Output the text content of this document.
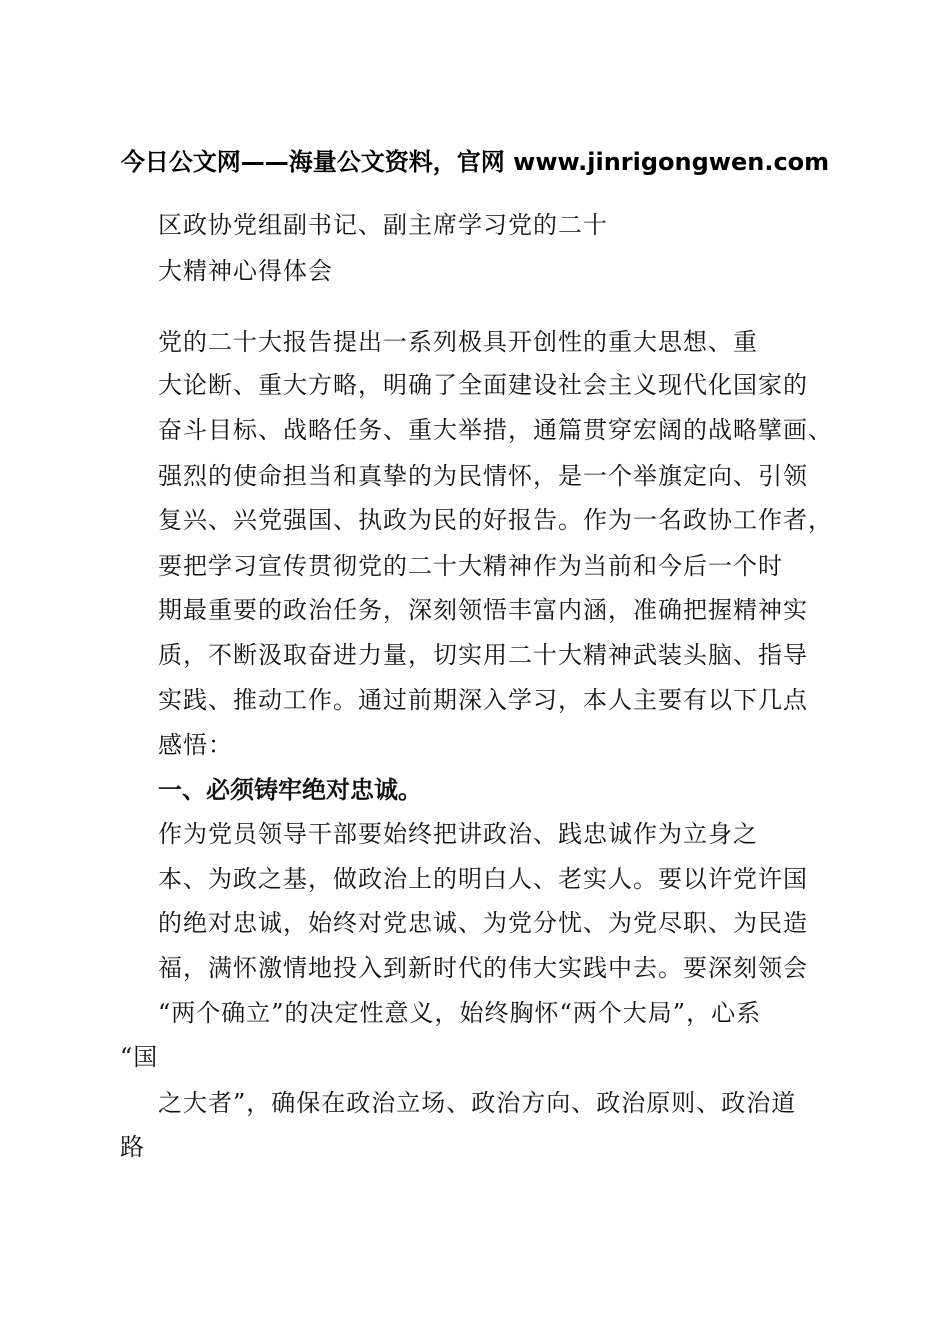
今日公文网——海量公文资料，官网 www.jinrigongwen.com
区政协党组副书记、副主席学习党的二十
大精神心得体会
党的二十大报告提出一系列极具开创性的重大思想、重
大论断、重大方略，明确了全面建设社会主义现代化国家的
奋斗目标、战略任务、重大举措，通篇贯穿宏阔的战略擘画、
强烈的使命担当和真挚的为民情怀，是一个举旗定向、引领
复兴、兴党强国、执政为民的好报告。作为一名政协工作者，
要把学习宣传贯彻党的二十大精神作为当前和今后一个时
期最重要的政治任务，深刻领悟丰富内涵，准确把握精神实
质，不断汲取奋进力量，切实用二十大精神武装头脑、指导
实践、推动工作。通过前期深入学习，本人主要有以下几点
感悟：
一、必须铸牢绝对忠诚。
作为党员领导干部要始终把讲政治、践忠诚作为立身之
本、为政之基，做政治上的明白人、老实人。要以许党许国
的绝对忠诚，始终对党忠诚、为党分忧、为党尽职、为民造
福，满怀激情地投入到新时代的伟大实践中去。要深刻领会
“两个确立”的决定性意义，始终胸怀“两个大局”，心系
“国
之大者”，确保在政治立场、政治方向、政治原则、政治道
路
